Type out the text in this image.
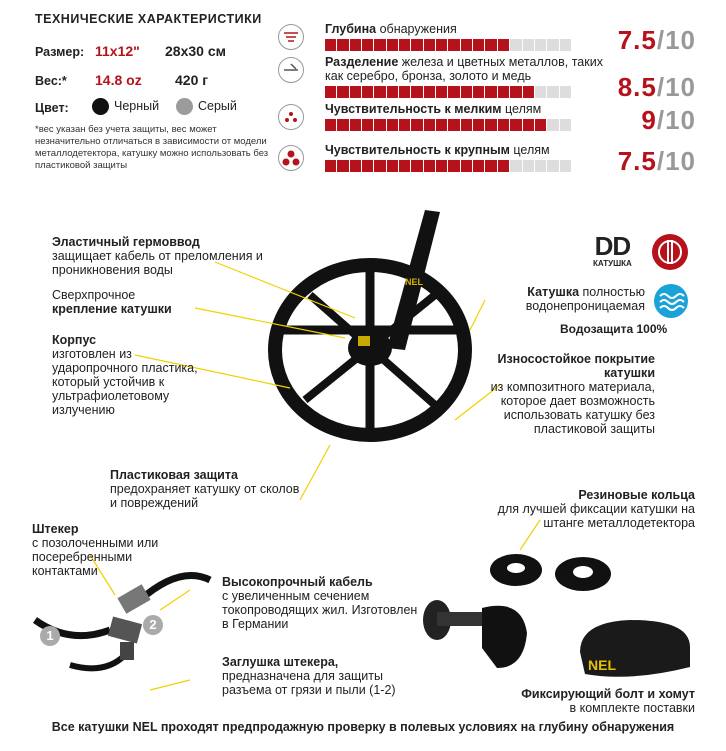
ТЕХНИЧЕСКИЕ ХАРАКТЕРИСТИКИ
Размер: 11x12" 28x30 см
Вес:* 14.8 oz 420 г
Цвет:	Черный	Серый
*вес указан без учета защиты, вес может незначительно отличаться в зависимости от модели металлодетектора, катушку можно использовать без пластиковой защиты
Глубина обнаружения	7.5/10
Разделение железа и цветных металлов, таких как серебро, бронза, золото и медь	8.5/10
Чувствительность к мелким целям	9/10
Чувствительность к крупным целям	7.5/10
NEL
Эластичный гермоввод
защищает кабель от преломления и проникновения воды
Сверхпрочное
крепление катушки
Корпус
изготовлен из ударопрочного пластика, который устойчив к ультрафиолетовому излучению
Пластиковая защита
предохраняет катушку от сколов и повреждений
DD
КАТУШКА
Катушка полностью водонепроницаемая
Водозащита 100%
Износостойкое покрытие катушки
из композитного материала, которое дает возможность использовать катушку без пластиковой защиты
Резиновые кольца
для лучшей фиксации катушки на штанге металлодетектора
NEL
Фиксирующий болт и хомут
в комплекте поставки
Штекер
с позолоченными или посеребренными контактами
1
2
Высокопрочный кабель
с увеличенным сечением токопроводящих жил. Изготовлен в Германии
Заглушка штекера,
предназначена для защиты разъема от грязи и пыли (1-2)
Все катушки NEL проходят предпродажную проверку в полевых условиях на глубину обнаружения
